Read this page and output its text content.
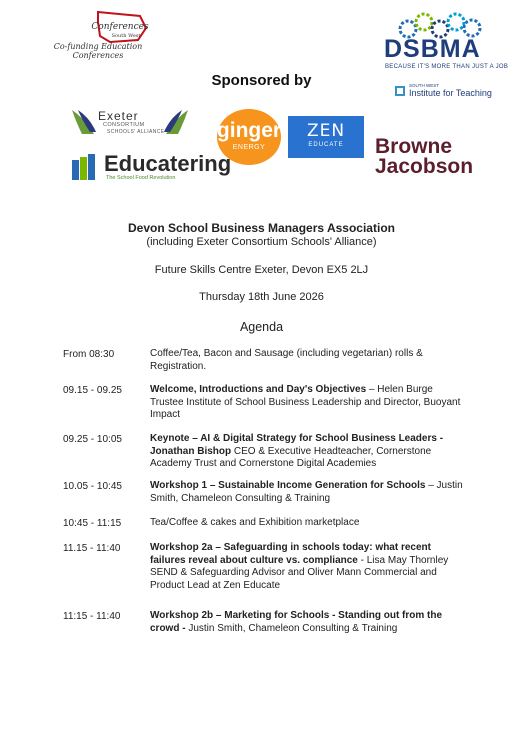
Conferences
South West
Co-funding Education Conferences	DSBMA
BECAUSE IT'S MORE THAN JUST A JOB
SOUTH WEST
Institute for Teaching
Sponsored by
Exeter
CONSORTIUM
SCHOOLS' ALLIANCE ginger
ENERGY
ZEN
EDUCATE	Browne
Jacobson
Educatering
The School Food Revolution
Devon School Business Managers Association
(including Exeter Consortium Schools' Alliance)
Future Skills Centre Exeter, Devon EX5 2LJ
Thursday 18th June 2026
Agenda
From 08:30	Coffee/Tea, Bacon and Sausage (including vegetarian) rolls & Registration.
09.15 - 09.25	Welcome, Introductions and Day's Objectives – Helen Burge Trustee Institute of School Business Leadership and Director, Buoyant Impact
09.25 - 10:05	Keynote – AI & Digital Strategy for School Business Leaders - Jonathan Bishop CEO & Executive Headteacher, Cornerstone Academy Trust and Cornerstone Digital Academies
10.05 - 10:45	Workshop 1 – Sustainable Income Generation for Schools – Justin Smith, Chameleon Consulting & Training
10:45 - 11:15	Tea/Coffee & cakes and Exhibition marketplace
11.15 - 11:40	Workshop 2a – Safeguarding in schools today: what recent failures reveal about culture vs. compliance - Lisa May Thornley SEND & Safeguarding Advisor and Oliver Mann Commercial and Product Lead at Zen Educate
11:15 - 11:40	Workshop 2b – Marketing for Schools - Standing out from the crowd - Justin Smith, Chameleon Consulting & Training
